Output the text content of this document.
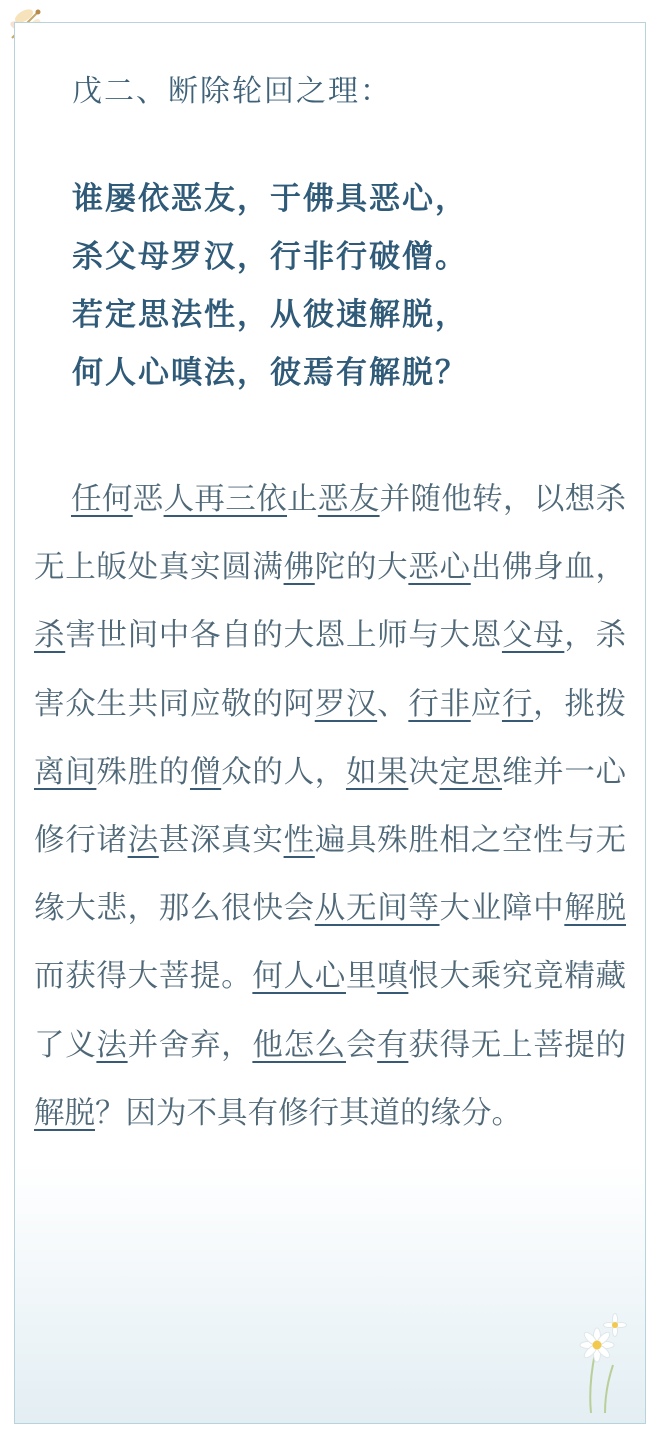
戊二、断除轮回之理：
谁屡依恶友，于佛具恶心，
杀父母罗汉，行非行破僧。
若定思法性，从彼速解脱，
何人心嗔法，彼焉有解脱？
任何恶人再三依止恶友并随他转，以想杀无上皈处真实圆满佛陀的大恶心出佛身血，杀害世间中各自的大恩上师与大恩父母，杀害众生共同应敬的阿罗汉、行非应行，挑拨离间殊胜的僧众的人，如果决定思维并一心修行诸法甚深真实性遍具殊胜相之空性与无缘大悲，那么很快会从无间等大业障中解脱而获得大菩提。何人心里嗔恨大乘究竟精藏了义法并舍弃，他怎么会有获得无上菩提的解脱？因为不具有修行其道的缘分。
